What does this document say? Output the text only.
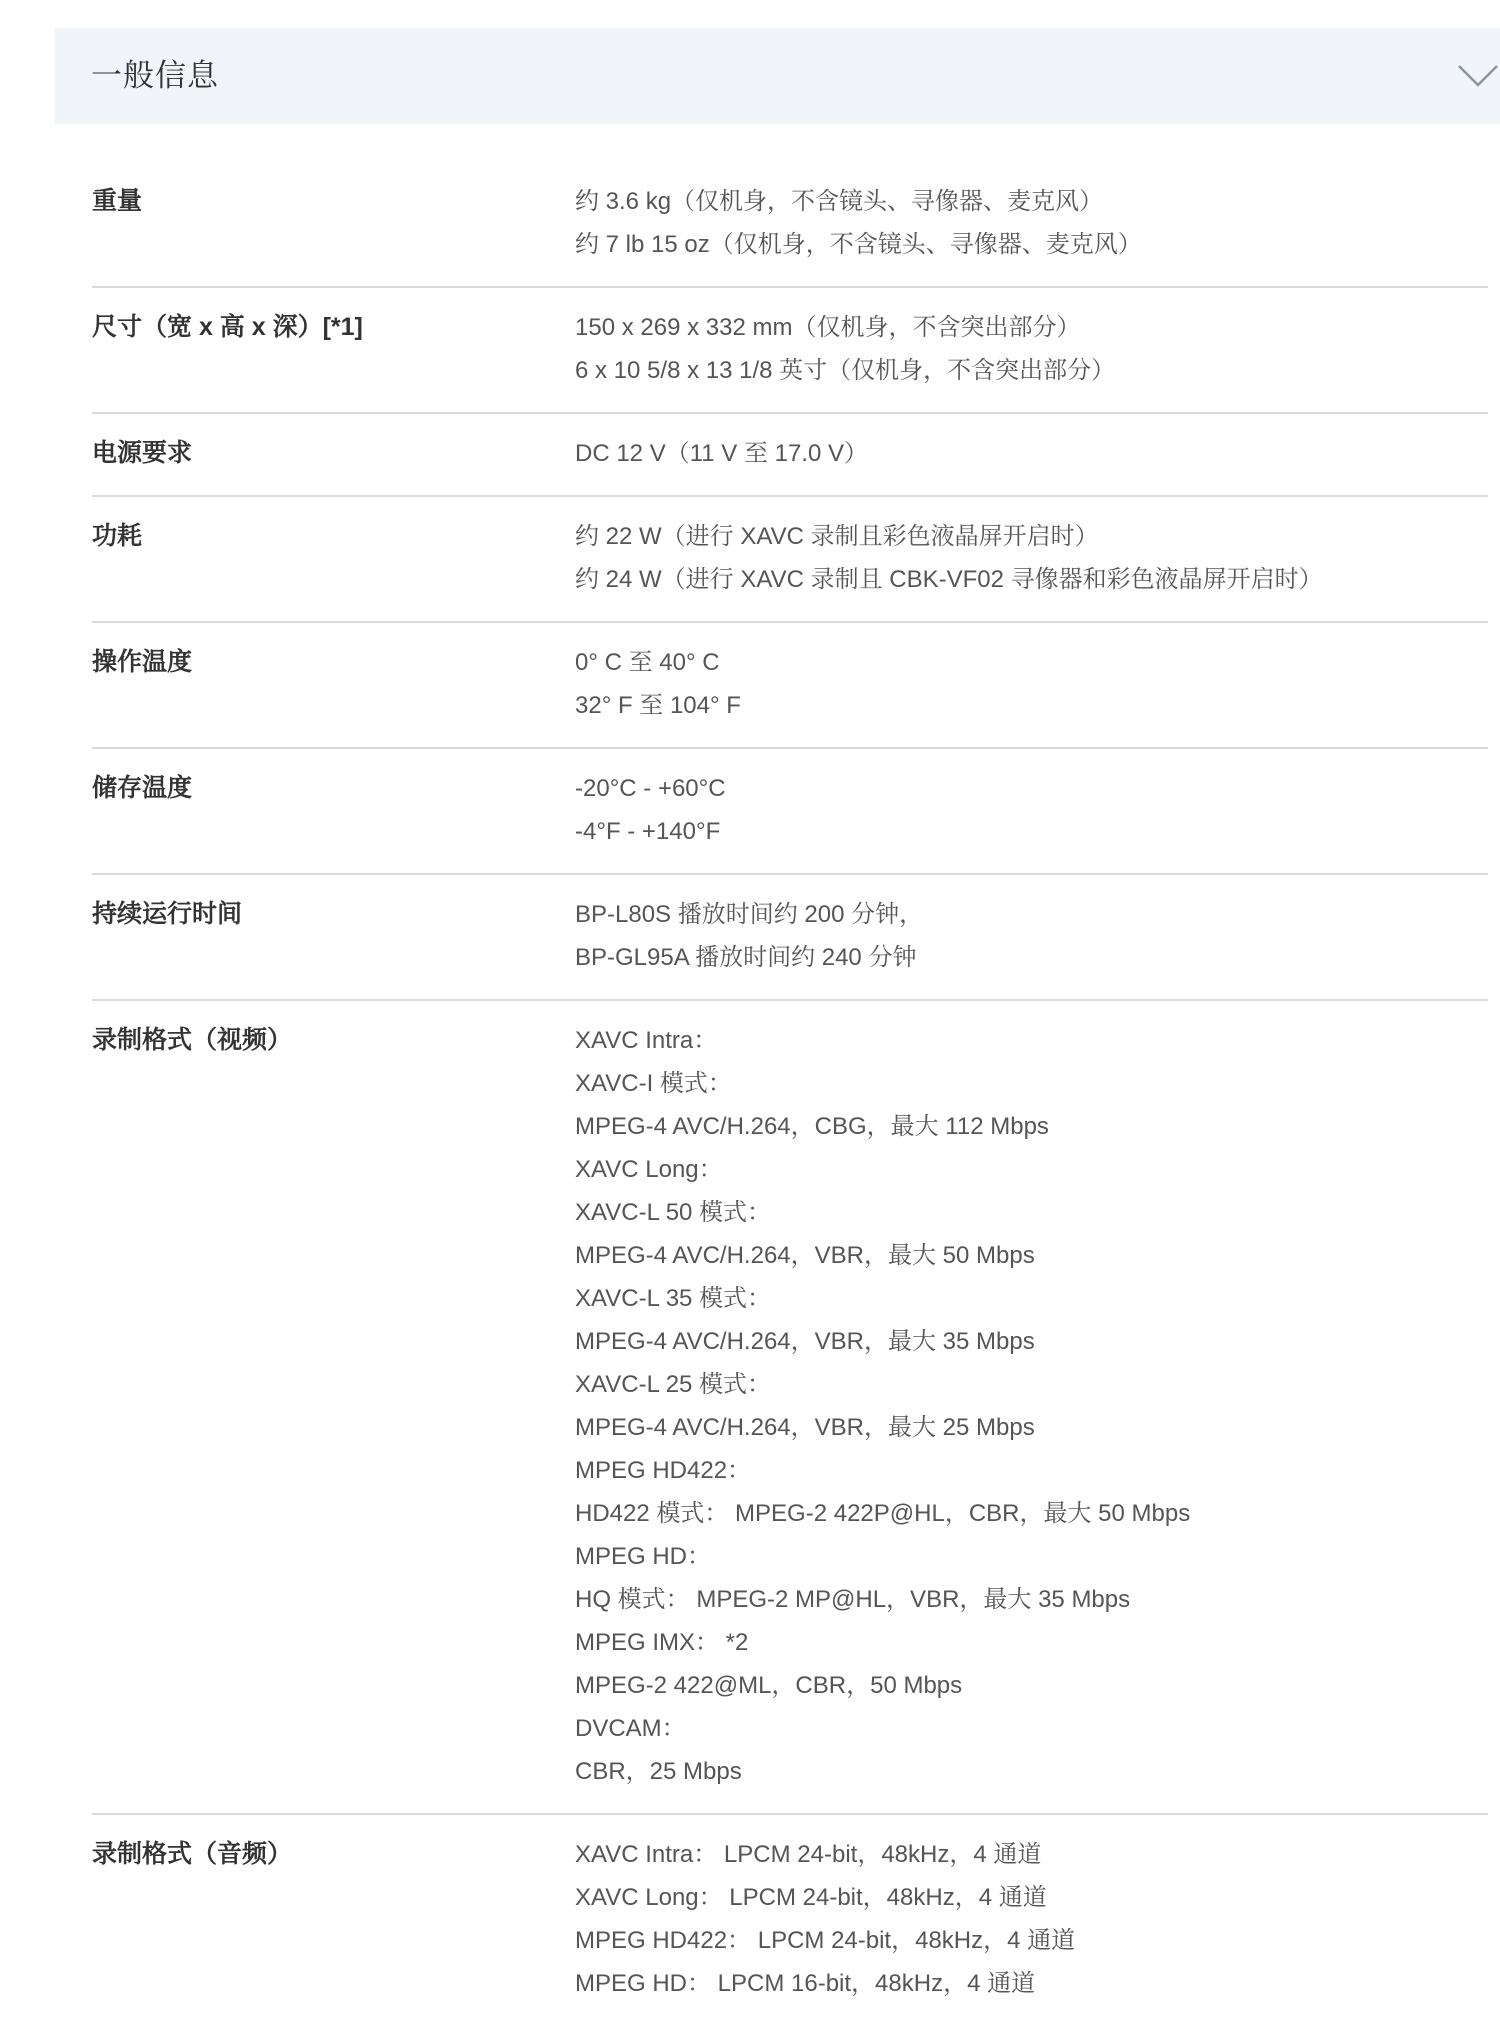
一般信息
重量	约 3.6 kg（仅机身，不含镜头、寻像器、麦克风）
约 7 lb 15 oz（仅机身，不含镜头、寻像器、麦克风）
尺寸（宽 x 高 x 深）[*1]	150 x 269 x 332 mm（仅机身，不含突出部分）
6 x 10 5/8 x 13 1/8 英寸（仅机身，不含突出部分）
电源要求	DC 12 V（11 V 至 17.0 V）
功耗	约 22 W（进行 XAVC 录制且彩色液晶屏开启时）
约 24 W（进行 XAVC 录制且 CBK-VF02 寻像器和彩色液晶屏开启时）
操作温度	0° C 至 40° C
32° F 至 104° F
储存温度	-20°C - +60°C
-4°F - +140°F
持续运行时间	BP-L80S 播放时间约 200 分钟，
BP-GL95A 播放时间约 240 分钟
录制格式（视频）	XAVC Intra：
XAVC-I 模式：
MPEG-4 AVC/H.264，CBG，最大 112 Mbps
XAVC Long：
XAVC-L 50 模式：
MPEG-4 AVC/H.264，VBR，最大 50 Mbps
XAVC-L 35 模式：
MPEG-4 AVC/H.264，VBR，最大 35 Mbps
XAVC-L 25 模式：
MPEG-4 AVC/H.264，VBR，最大 25 Mbps
MPEG HD422：
HD422 模式： MPEG-2 422P@HL，CBR，最大 50 Mbps
MPEG HD：
HQ 模式： MPEG-2 MP@HL，VBR，最大 35 Mbps
MPEG IMX： *2
MPEG-2 422@ML，CBR，50 Mbps
DVCAM：
CBR，25 Mbps
录制格式（音频）	XAVC Intra： LPCM 24-bit，48kHz，4 通道
XAVC Long： LPCM 24-bit，48kHz，4 通道
MPEG HD422： LPCM 24-bit，48kHz，4 通道
MPEG HD： LPCM 16-bit，48kHz，4 通道
